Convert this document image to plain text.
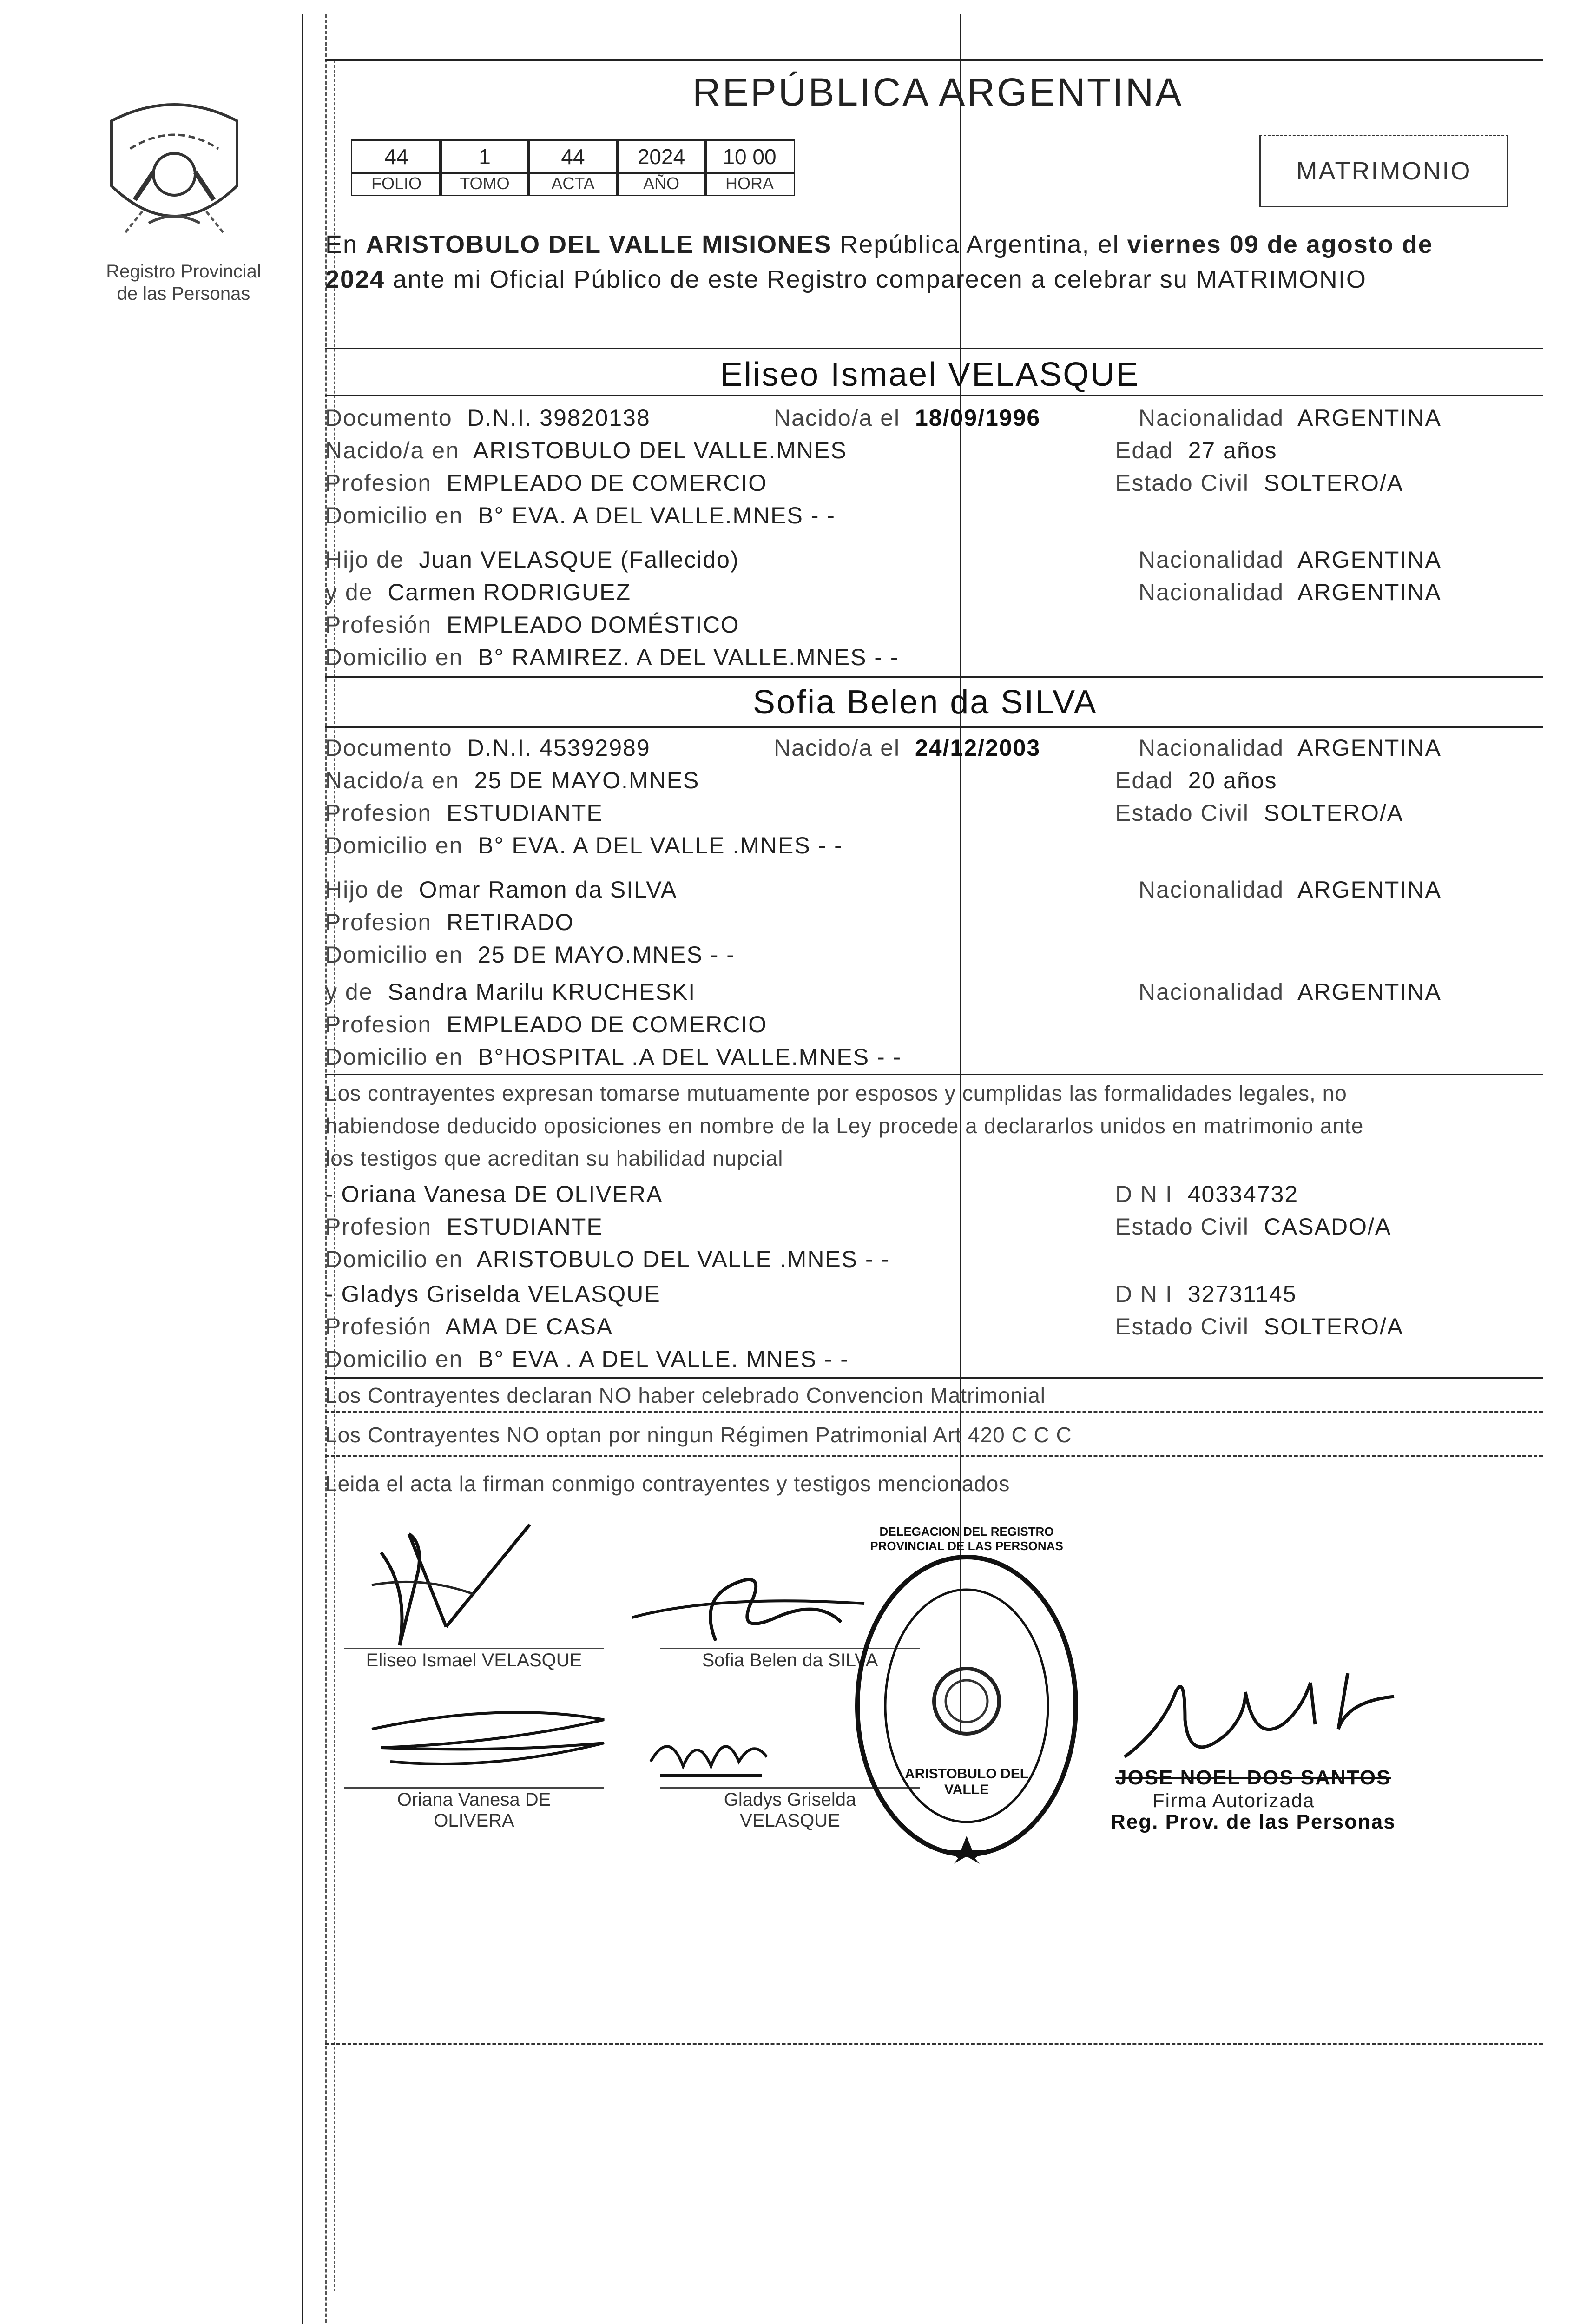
Registro Provincial
de las Personas
REPÚBLICA ARGENTINA
44	1	44	2024	10 00
FOLIO	TOMO	ACTA	AÑO	HORA	MATRIMONIO
En ARISTOBULO DEL VALLE MISIONES República Argentina, el viernes 09 de agosto de
2024 ante mi Oficial Público de este Registro comparecen a celebrar su MATRIMONIO
Eliseo Ismael VELASQUE
Documento D.N.I. 39820138	Nacido/a el 18/09/1996	Nacionalidad ARGENTINA
Nacido/a en ARISTOBULO DEL VALLE.MNES	Edad 27 años
Profesion EMPLEADO DE COMERCIO	Estado Civil SOLTERO/A
Domicilio en B° EVA. A DEL VALLE.MNES - -
Hijo de Juan VELASQUE (Fallecido)	Nacionalidad ARGENTINA
y de Carmen RODRIGUEZ	Nacionalidad ARGENTINA
Profesión EMPLEADO DOMÉSTICO
Domicilio en B° RAMIREZ. A DEL VALLE.MNES - -
Sofia Belen da SILVA
Documento D.N.I. 45392989	Nacido/a el 24/12/2003	Nacionalidad ARGENTINA
Nacido/a en 25 DE MAYO.MNES	Edad 20 años
Profesion ESTUDIANTE	Estado Civil SOLTERO/A
Domicilio en B° EVA. A DEL VALLE .MNES - -
Hijo de Omar Ramon da SILVA	Nacionalidad ARGENTINA
Profesion RETIRADO
Domicilio en 25 DE MAYO.MNES - -
y de Sandra Marilu KRUCHESKI	Nacionalidad ARGENTINA
Profesion EMPLEADO DE COMERCIO
Domicilio en B°HOSPITAL .A DEL VALLE.MNES - -
Los contrayentes expresan tomarse mutuamente por esposos y cumplidas las formalidades legales, no
habiendose deducido oposiciones en nombre de la Ley procede a declararlos unidos en matrimonio ante
los testigos que acreditan su habilidad nupcial
- Oriana Vanesa DE OLIVERA	D N I 40334732
Profesion ESTUDIANTE	Estado Civil CASADO/A
Domicilio en ARISTOBULO DEL VALLE .MNES - -
- Gladys Griselda VELASQUE	D N I 32731145
Profesión AMA DE CASA	Estado Civil SOLTERO/A
Domicilio en B° EVA . A DEL VALLE. MNES - -
Los Contrayentes declaran NO haber celebrado Convencion Matrimonial
Los Contrayentes NO optan por ningun Régimen Patrimonial Art 420 C C C
Leida el acta la firman conmigo contrayentes y testigos mencionados
Eliseo Ismael VELASQUE	Sofia Belen da SILVA
Oriana Vanesa DE
OLIVERA
Gladys Griselda
VELASQUE
DELEGACION DEL REGISTRO PROVINCIAL DE LAS PERSONAS
ARISTOBULO DEL VALLE
JOSE NOEL DOS SANTOS
Firma Autorizada
Reg. Prov. de las Personas
